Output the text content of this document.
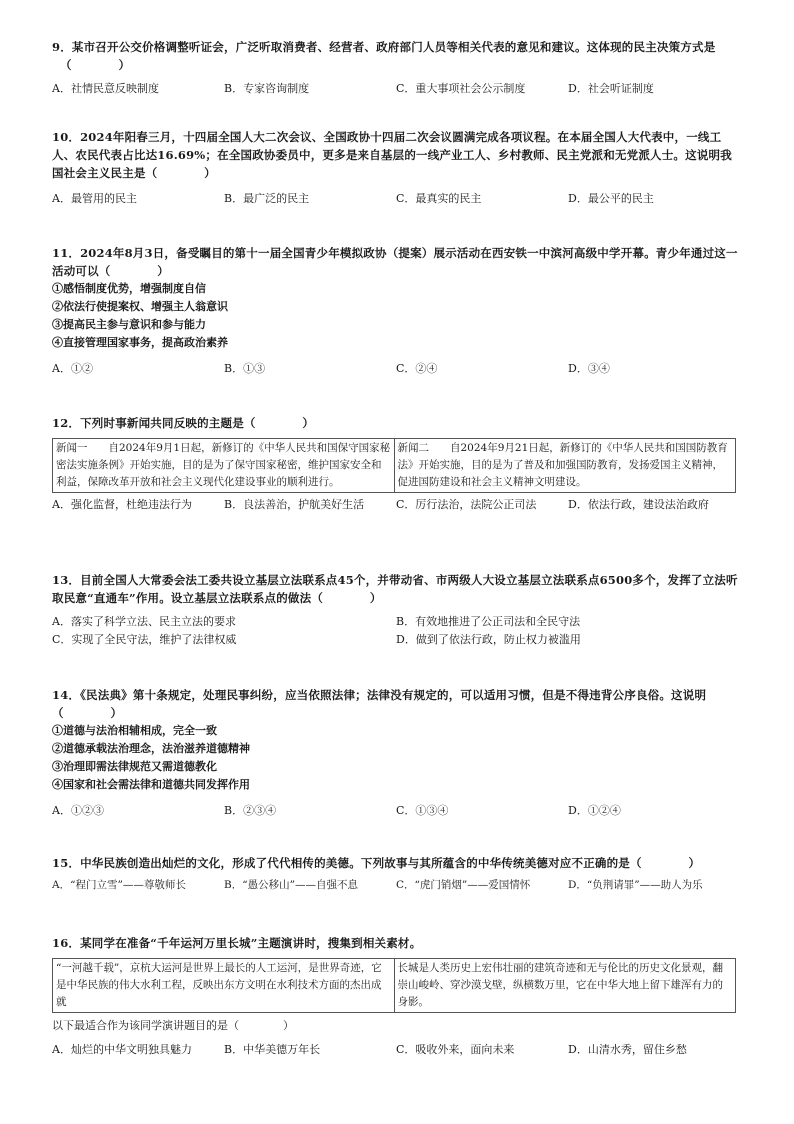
9．某市召开公交价格调整听证会，广泛听取消费者、经营者、政府部门人员等相关代表的意见和建议。这体现的民主决策方式是
（　　　　）
A．社情民意反映制度	B．专家咨询制度	C．重大事项社会公示制度	D．社会听证制度
10．2024年阳春三月，十四届全国人大二次会议、全国政协十四届二次会议圆满完成各项议程。在本届全国人大代表中，一线工人、农民代表占比达16.69%；在全国政协委员中，更多是来自基层的一线产业工人、乡村教师、民主党派和无党派人士。这说明我国社会主义民主是（　　　　）
A．最管用的民主	B．最广泛的民主	C．最真实的民主	D．最公平的民主
11．2024年8月3日，备受瞩目的第十一届全国青少年模拟政协（提案）展示活动在西安铁一中滨河高级中学开幕。青少年通过这一活动可以（　　　　）
①感悟制度优势，增强制度自信
②依法行使提案权、增强主人翁意识
③提高民主参与意识和参与能力
④直接管理国家事务，提高政治素养
A．①②	B．①③	C．②④	D．③④
12．下列时事新闻共同反映的主题是（　　　　）
新闻一　　自2024年9月1日起，新修订的《中华人民共和国保守国家秘密法实施条例》开始实施，目的是为了保守国家秘密，维护国家安全和利益，保障改革开放和社会主义现代化建设事业的顺利进行。	新闻二　　自2024年9月21日起，新修订的《中华人民共和国国防教育法》开始实施，目的是为了普及和加强国防教育，发扬爱国主义精神，促进国防建设和社会主义精神文明建设。
A．强化监督，杜绝违法行为	B．良法善治，护航美好生活	C．厉行法治，法院公正司法	D．依法行政，建设法治政府
13．目前全国人大常委会法工委共设立基层立法联系点45个，并带动省、市两级人大设立基层立法联系点6500多个，发挥了立法听取民意“直通车”作用。设立基层立法联系点的做法（　　　　）
A．落实了科学立法、民主立法的要求	B．有效地推进了公正司法和全民守法
C．实现了全民守法，维护了法律权威	D．做到了依法行政，防止权力被滥用
14．《民法典》第十条规定，处理民事纠纷，应当依照法律；法律没有规定的，可以适用习惯，但是不得违背公序良俗。这说明（　　　　）
①道德与法治相辅相成，完全一致
②道德承载法治理念，法治滋养道德精神
③治理即需法律规范又需道德教化
④国家和社会需法律和道德共同发挥作用
A．①②③	B．②③④	C．①③④	D．①②④
15．中华民族创造出灿烂的文化，形成了代代相传的美德。下列故事与其所蕴含的中华传统美德对应不正确的是（　　　　）
A．“程门立雪”——尊敬师长	B．“愚公移山”——自强不息	C．“虎门销烟”——爱国情怀	D．“负荆请罪”——助人为乐
16．某同学在准备“千年运河万里长城”主题演讲时，搜集到相关素材。
“一河越千载”，京杭大运河是世界上最长的人工运河，是世界奇迹，它是中华民族的伟大水利工程，反映出东方文明在水利技术方面的杰出成就	长城是人类历史上宏伟壮丽的建筑奇迹和无与伦比的历史文化景观，翻崇山峻岭、穿沙漠戈壁，纵横数万里，它在中华大地上留下雄浑有力的身影。
以下最适合作为该同学演讲题目的是（　　　　）
A．灿烂的中华文明独具魅力	B．中华美德万年长	C．吸收外来，面向未来	D．山清水秀，留住乡愁
